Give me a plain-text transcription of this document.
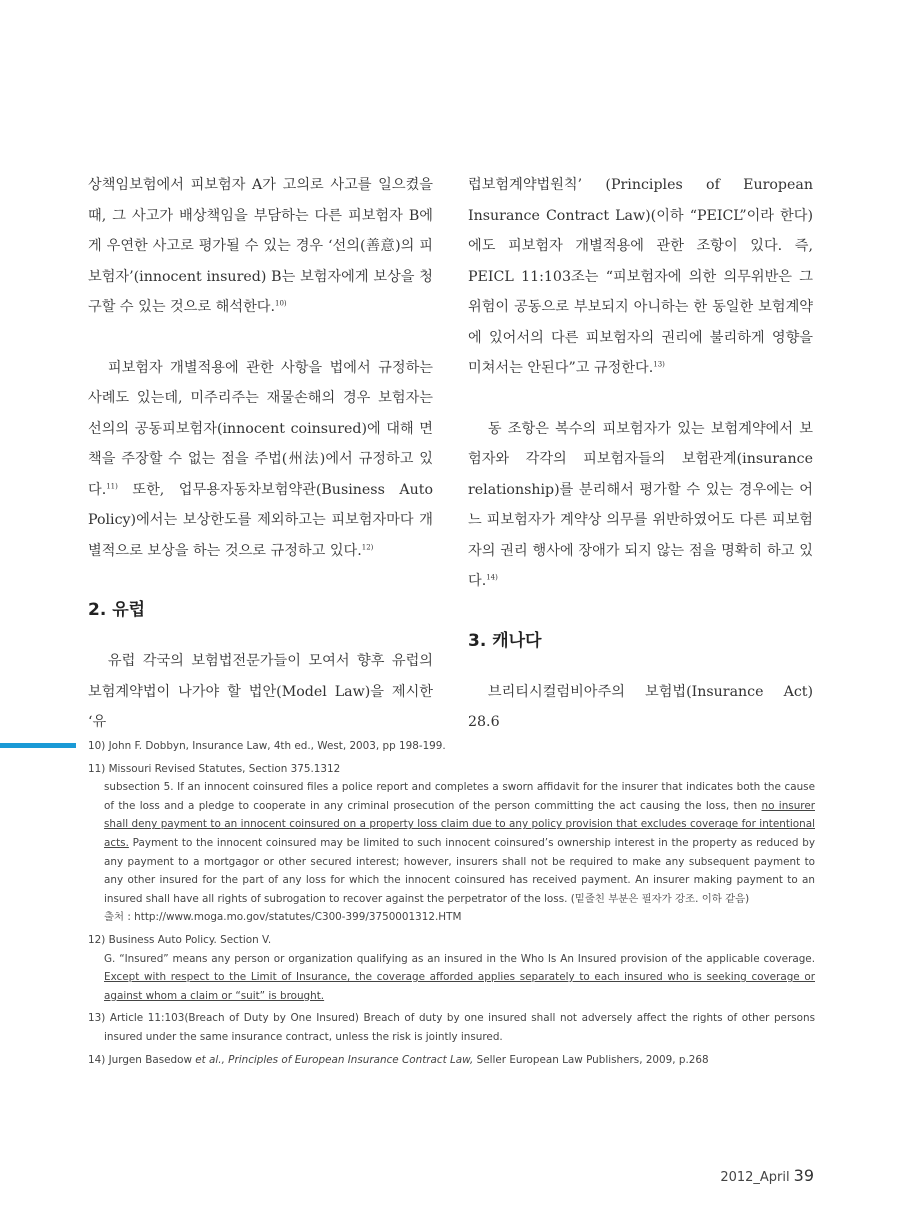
상책임보험에서 피보험자 A가 고의로 사고를 일으켰을 때, 그 사고가 배상책임을 부담하는 다른 피보험자 B에게 우연한 사고로 평가될 수 있는 경우 ‘선의(善意)의 피보험자’(innocent insured) B는 보험자에게 보상을 청구할 수 있는 것으로 해석한다.$^{10)}$

피보험자 개별적용에 관한 사항을 법에서 규정하는 사례도 있는데, 미주리주는 재물손해의 경우 보험자는 선의의 공동피보험자(innocent coinsured)에 대해 면책을 주장할 수 없는 점을 주법(州法)에서 규정하고 있다.$^{11)}$ 또한, 업무용자동차보험약관(Business Auto Policy)에서는 보상한도를 제외하고는 피보험자마다 개별적으로 보상을 하는 것으로 규정하고 있다.$^{12)}$

2. 유럽

유럽 각국의 보험법전문가들이 모여서 향후 유럽의 보험계약법이 나가야 할 법안(Model Law)을 제시한 ‘유

럽보험계약법원칙’ (Principles of European Insurance Contract Law)(이하 “PEICL”이라 한다)에도 피보험자 개별적용에 관한 조항이 있다. 즉, PEICL 11:103조는 “피보험자에 의한 의무위반은 그 위험이 공동으로 부보되지 아니하는 한 동일한 보험계약에 있어서의 다른 피보험자의 권리에 불리하게 영향을 미쳐서는 안된다”고 규정한다.$^{13)}$

동 조항은 복수의 피보험자가 있는 보험계약에서 보험자와 각각의 피보험자들의 보험관계(insurance relationship)를 분리해서 평가할 수 있는 경우에는 어느 피보험자가 계약상 의무를 위반하였어도 다른 피보험자의 권리 행사에 장애가 되지 않는 점을 명확히 하고 있다.$^{14)}$

3. 캐나다

브리티시컬럼비아주의 보험법(Insurance Act) 28.6

10) John F. Dobbyn, Insurance Law, 4th ed., West, 2003, pp 198-199.
11) Missouri Revised Statutes, Section 375.1312
subsection 5. If an innocent coinsured files a police report and completes a sworn affidavit for the insurer that indicates both the cause of the loss and a pledge to cooperate in any criminal prosecution of the person committing the act causing the loss, then no insurer shall deny payment to an innocent coinsured on a property loss claim due to any policy provision that excludes coverage for intentional acts. Payment to the innocent coinsured may be limited to such innocent coinsured’s ownership interest in the property as reduced by any payment to a mortgagor or other secured interest; however, insurers shall not be required to make any subsequent payment to any other insured for the part of any loss for which the innocent coinsured has received payment. An insurer making payment to an insured shall have all rights of subrogation to recover against the perpetrator of the loss. (밑줄친 부분은 필자가 강조. 이하 같음)
출처 : http://www.moga.mo.gov/statutes/C300-399/3750001312.HTM
12) Business Auto Policy. Section V.
G. “Insured” means any person or organization qualifying as an insured in the Who Is An Insured provision of the applicable coverage. Except with respect to the Limit of Insurance, the coverage afforded applies separately to each insured who is seeking coverage or against whom a claim or “suit” is brought.
13) Article 11:103(Breach of Duty by One Insured) Breach of duty by one insured shall not adversely affect the rights of other persons insured under the same insurance contract, unless the risk is jointly insured.
14) Jurgen Basedow et al., Principles of European Insurance Contract Law, Seller European Law Publishers, 2009, p.268
2012_April 39
